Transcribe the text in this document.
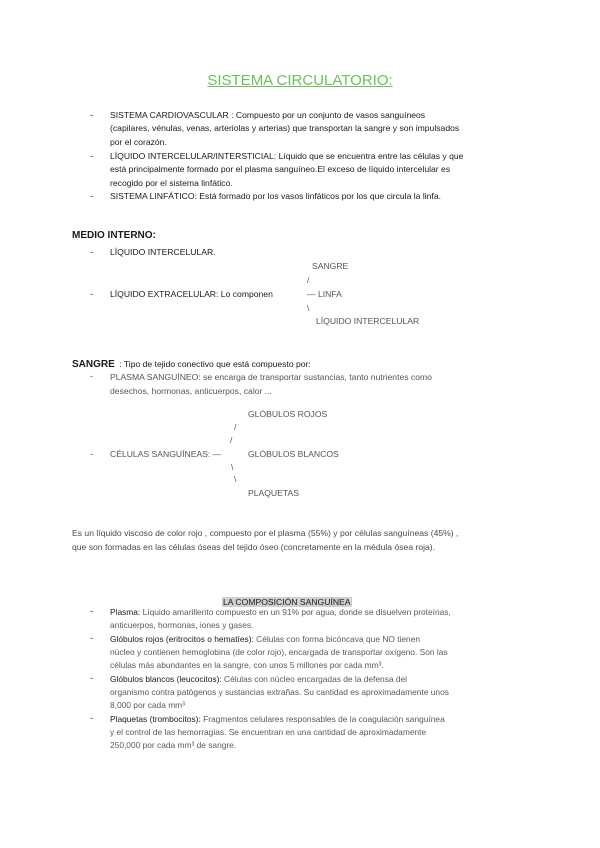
SISTEMA CIRCULATORIO:
- SISTEMA CARDIOVASCULAR : Compuesto por un conjunto de vasos sanguíneos
(capilares, vénulas, venas, arteriolas y arterias) que transportan la sangre y son impulsados
por el corazón.
- LÍQUIDO INTERCELULAR/INTERSTICIAL: Líquido que se encuentra entre las células y que
está principalmente formado por el plasma sanguíneo.El exceso de líquido intercelular es
recogido por el sistema linfático.
- SISTEMA LINFÁTICO: Está formado por los vasos linfáticos por los que circula la linfa.
MEDIO INTERNO:
- LÍQUIDO INTERCELULAR.
SANGRE
/
- LÍQUIDO EXTRACELULAR: Lo componen	— LINFA
\
LÍQUIDO INTERCELULAR
SANGRE : Tipo de tejido conectivo que está compuesto por:
- PLASMA SANGUÍNEO: se encarga de transportar sustancias, tanto nutrientes como
desechos, hormonas, anticuerpos, calor ...
GLÓBULOS ROJOS
/
/
- CÉLULAS SANGUÍNEAS: —	GLÓBULOS BLANCOS
\
\
PLAQUETAS
Es un líquido viscoso de color rojo , compuesto por el plasma (55%) y por células sanguíneas (45%) ,
que son formadas en las células óseas del tejido óseo (concretamente en la médula ósea roja).
LA COMPOSICIÓN SANGUÍNEA
- Plasma: Líquido amarillento compuesto en un 91% por agua, donde se disuelven proteínas,
anticuerpos, hormonas, iones y gases.
- Glóbulos rojos (eritrocitos o hematíes): Células con forma bicóncava que NO tienen
núcleo y contienen hemoglobina (de color rojo), encargada de transportar oxígeno. Son las
células más abundantes en la sangre, con unos 5 millones por cada mm³.
- Glóbulos blancos (leucocitos): Células con núcleo encargadas de la defensa del
organismo contra patógenos y sustancias extrañas. Su cantidad es aproximadamente unos
8,000 por cada mm³
- Plaquetas (trombocitos): Fragmentos celulares responsables de la coagulación sanguínea
y el control de las hemorragias. Se encuentran en una cantidad de aproximadamente
250,000 por cada mm³ de sangre.
